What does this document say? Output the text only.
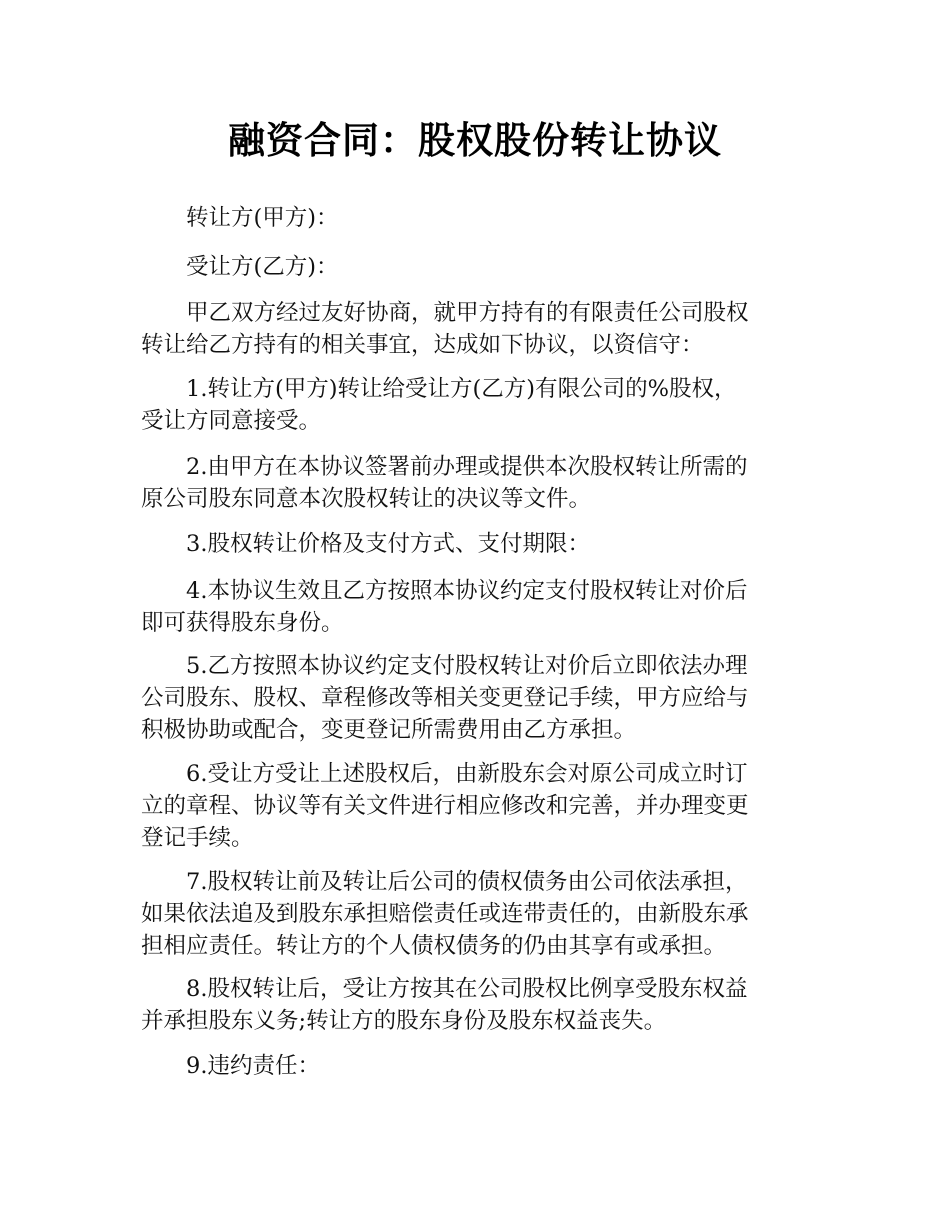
融资合同：股权股份转让协议

转让方(甲方)：

受让方(乙方)：

甲乙双方经过友好协商，就甲方持有的有限责任公司股权
转让给乙方持有的相关事宜，达成如下协议，以资信守：

1.转让方(甲方)转让给受让方(乙方)有限公司的%股权，
受让方同意接受。

2.由甲方在本协议签署前办理或提供本次股权转让所需的
原公司股东同意本次股权转让的决议等文件。

3.股权转让价格及支付方式、支付期限：

4.本协议生效且乙方按照本协议约定支付股权转让对价后
即可获得股东身份。

5.乙方按照本协议约定支付股权转让对价后立即依法办理
公司股东、股权、章程修改等相关变更登记手续，甲方应给与
积极协助或配合，变更登记所需费用由乙方承担。

6.受让方受让上述股权后，由新股东会对原公司成立时订
立的章程、协议等有关文件进行相应修改和完善，并办理变更
登记手续。

7.股权转让前及转让后公司的债权债务由公司依法承担，
如果依法追及到股东承担赔偿责任或连带责任的，由新股东承
担相应责任。转让方的个人债权债务的仍由其享有或承担。

8.股权转让后，受让方按其在公司股权比例享受股东权益
并承担股东义务;转让方的股东身份及股东权益丧失。

9.违约责任：
